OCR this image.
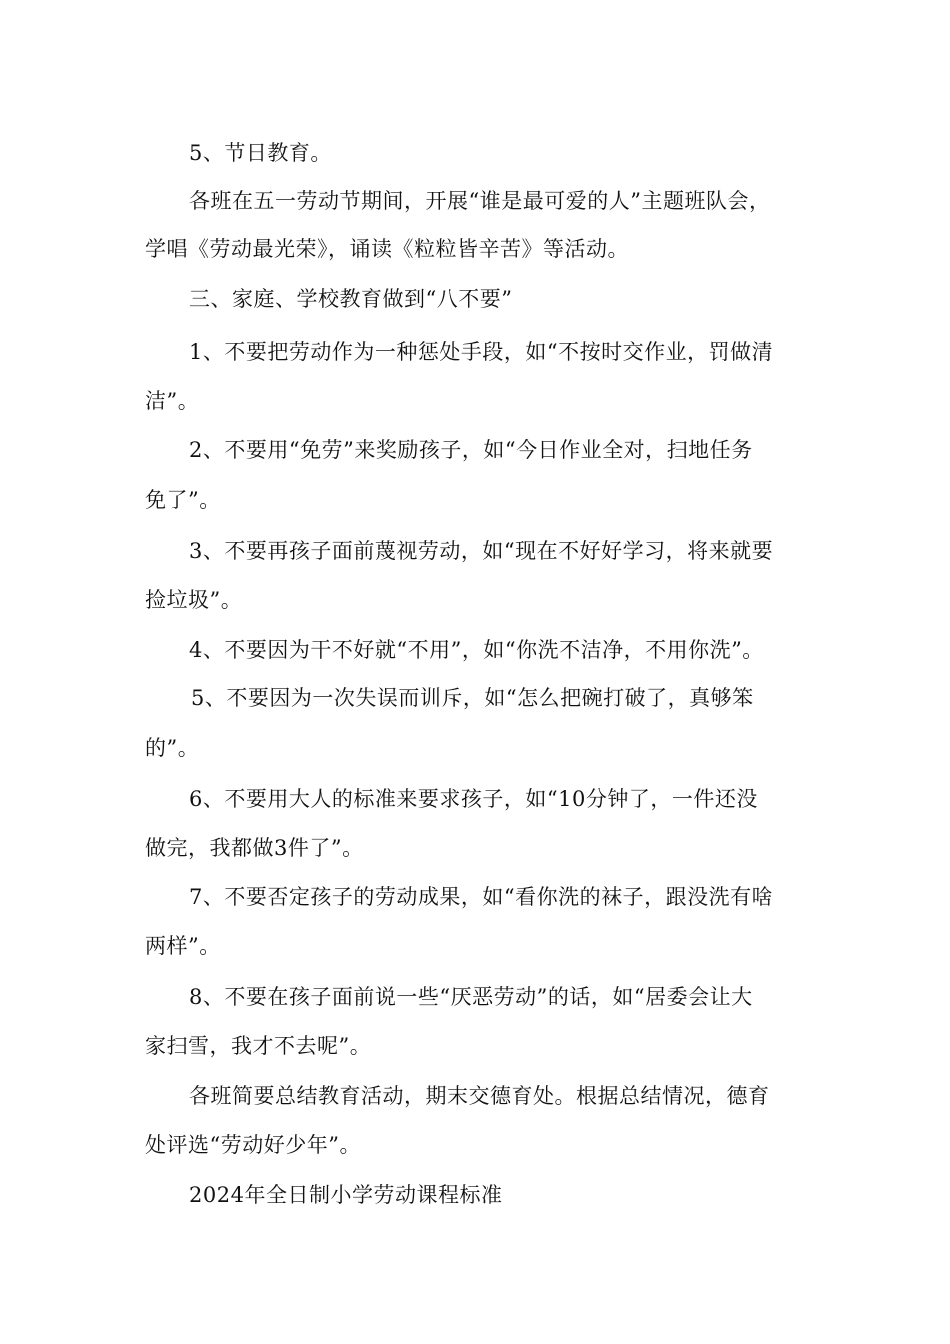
5、节日教育。
各班在五一劳动节期间，开展“谁是最可爱的人”主题班队会，
学唱《劳动最光荣》，诵读《粒粒皆辛苦》等活动。
三、家庭、学校教育做到“八不要”
1、不要把劳动作为一种惩处手段，如“不按时交作业，罚做清
洁”。
2、不要用“免劳”来奖励孩子，如“今日作业全对，扫地任务
免了”。
3、不要再孩子面前蔑视劳动，如“现在不好好学习，将来就要
捡垃圾”。
4、不要因为干不好就“不用”，如“你洗不洁净，不用你洗”。
5、不要因为一次失误而训斥，如“怎么把碗打破了，真够笨
的”。
6、不要用大人的标准来要求孩子，如“10分钟了，一件还没
做完，我都做3件了”。
7、不要否定孩子的劳动成果，如“看你洗的袜子，跟没洗有啥
两样”。
8、不要在孩子面前说一些“厌恶劳动”的话，如“居委会让大
家扫雪，我才不去呢”。
各班简要总结教育活动，期末交德育处。根据总结情况，德育
处评选“劳动好少年”。
2024年全日制小学劳动课程标准
